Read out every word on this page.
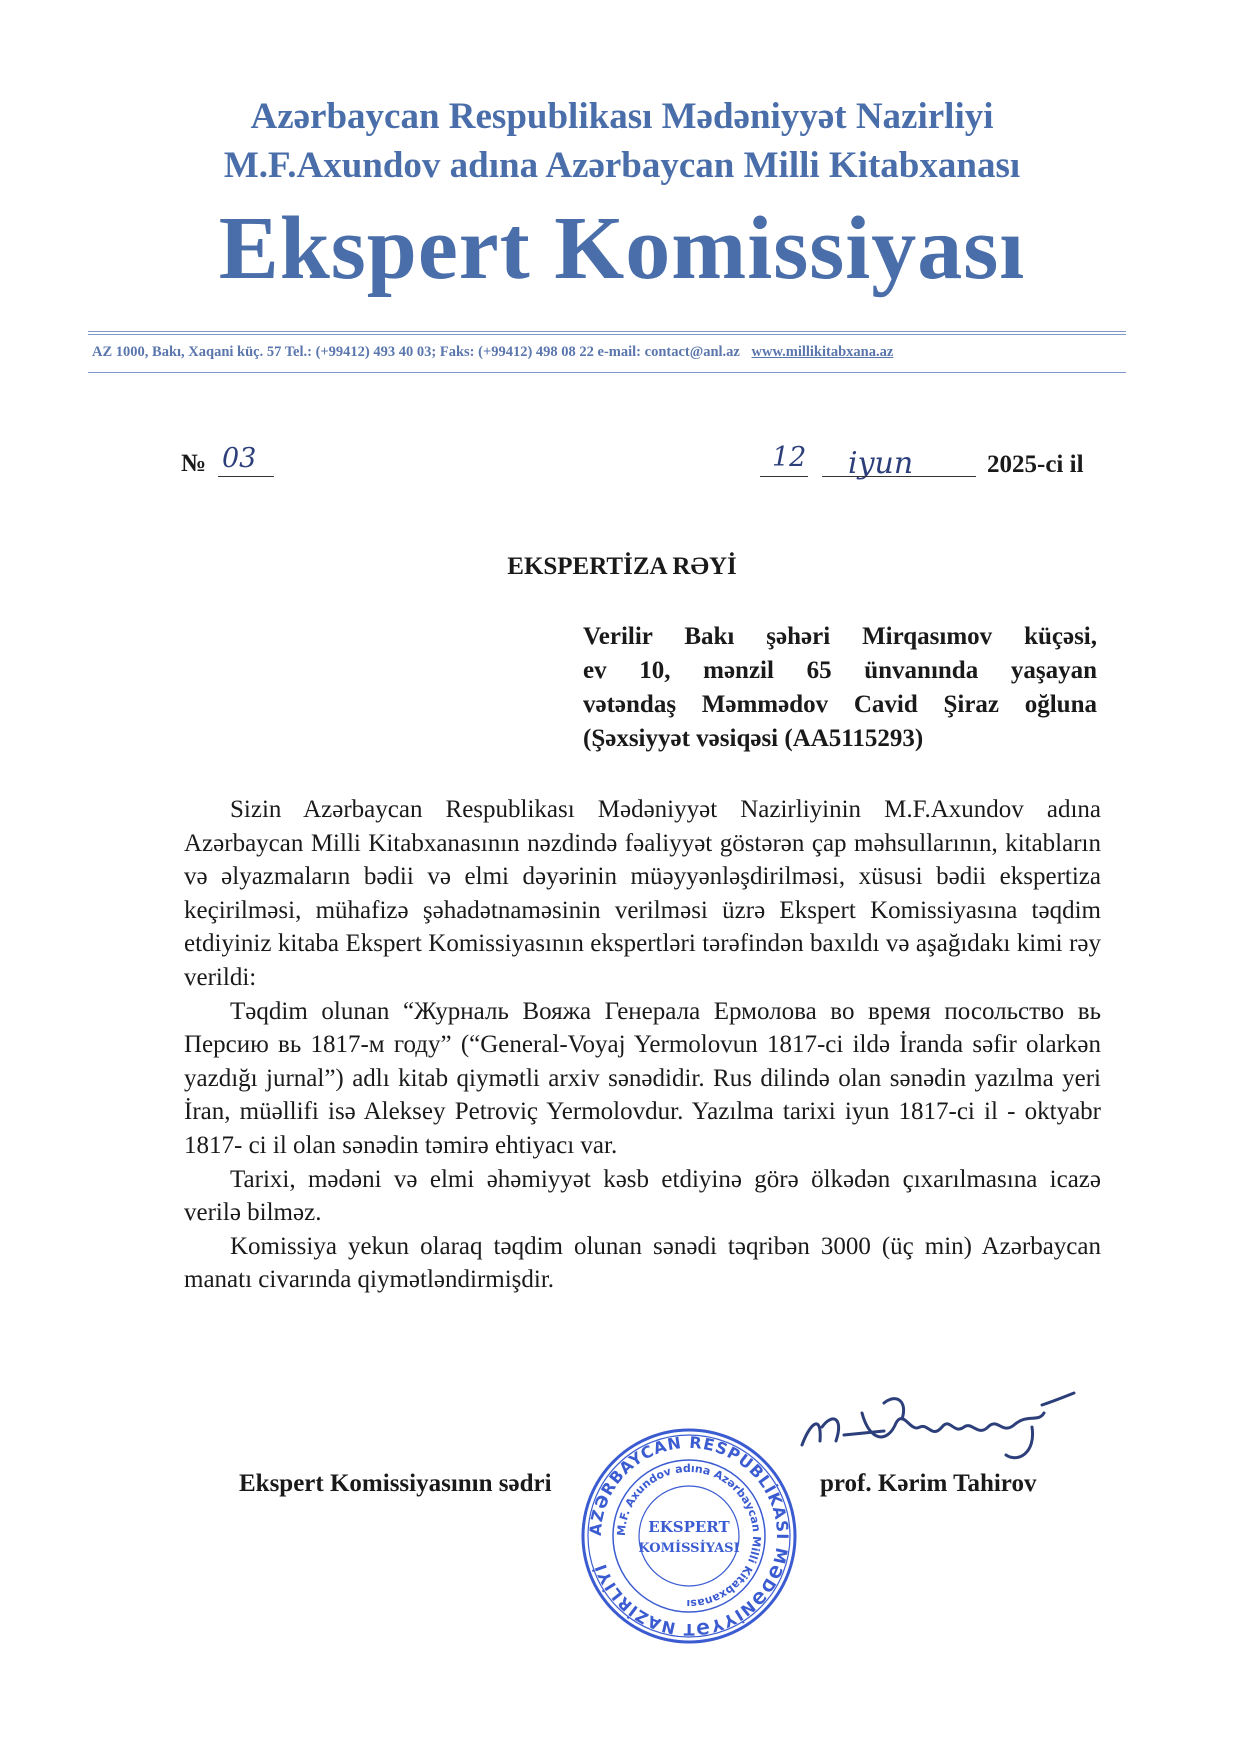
Azərbaycan Respublikası Mədəniyyət Nazirliyi
M.F.Axundov adına Azərbaycan Milli Kitabxanası
Ekspert Komissiyası
AZ 1000, Bakı, Xaqani küç. 57 Tel.: (+99412) 493 40 03; Faks: (+99412) 498 08 22 e-mail: contact@anl.az www.millikitabxana.az
№ 03	12 iyun	2025-ci il
EKSPERTİZA RƏYİ
Verilir Bakı şəhəri Mirqasımov küçəsi,
ev 10, mənzil 65 ünvanında yaşayan
vətəndaş Məmmədov Cavid Şiraz oğluna
(Şəxsiyyət vəsiqəsi (AA5115293)

Sizin Azərbaycan Respublikası Mədəniyyət Nazirliyinin M.F.Axundov adına Azərbaycan Milli Kitabxanasının nəzdində fəaliyyət göstərən çap məhsullarının, kitabların və əlyazmaların bədii və elmi dəyərinin müəyyənləşdirilməsi, xüsusi bədii ekspertiza keçirilməsi, mühafizə şəhadətnaməsinin verilməsi üzrə Ekspert Komissiyasına təqdim etdiyiniz kitaba Ekspert Komissiyasının ekspertləri tərəfindən baxıldı və aşağıdakı kimi rəy verildi:

Təqdim olunan “Журналь Вояжа Генерала Ермолова во время посольство вь Персию вь 1817-м году” (“General-Voyaj Yermolovun 1817-ci ildə İranda səfir olarkən yazdığı jurnal”) adlı kitab qiymətli arxiv sənədidir. Rus dilində olan sənədin yazılma yeri İran, müəllifi isə Aleksey Petroviç Yermolovdur. Yazılma tarixi iyun 1817-ci il - oktyabr 1817- ci il olan sənədin təmirə ehtiyacı var.

Tarixi, mədəni və elmi əhəmiyyət kəsb etdiyinə görə ölkədən çıxarılmasına icazə verilə bilməz.

Komissiya yekun olaraq təqdim olunan sənədi təqribən 3000 (üç min) Azərbaycan manatı civarında qiymətləndirmişdir.

Ekspert Komissiyasının sədri	prof. Kərim Tahirov
AZƏRBAYCAN RESPUBLİKASI MƏDƏNİYYƏT NAZİRLİYİ
M.F. Axundov adına Azərbaycan Milli Kitabxanası
EKSPERT
KOMİSSİYASI
